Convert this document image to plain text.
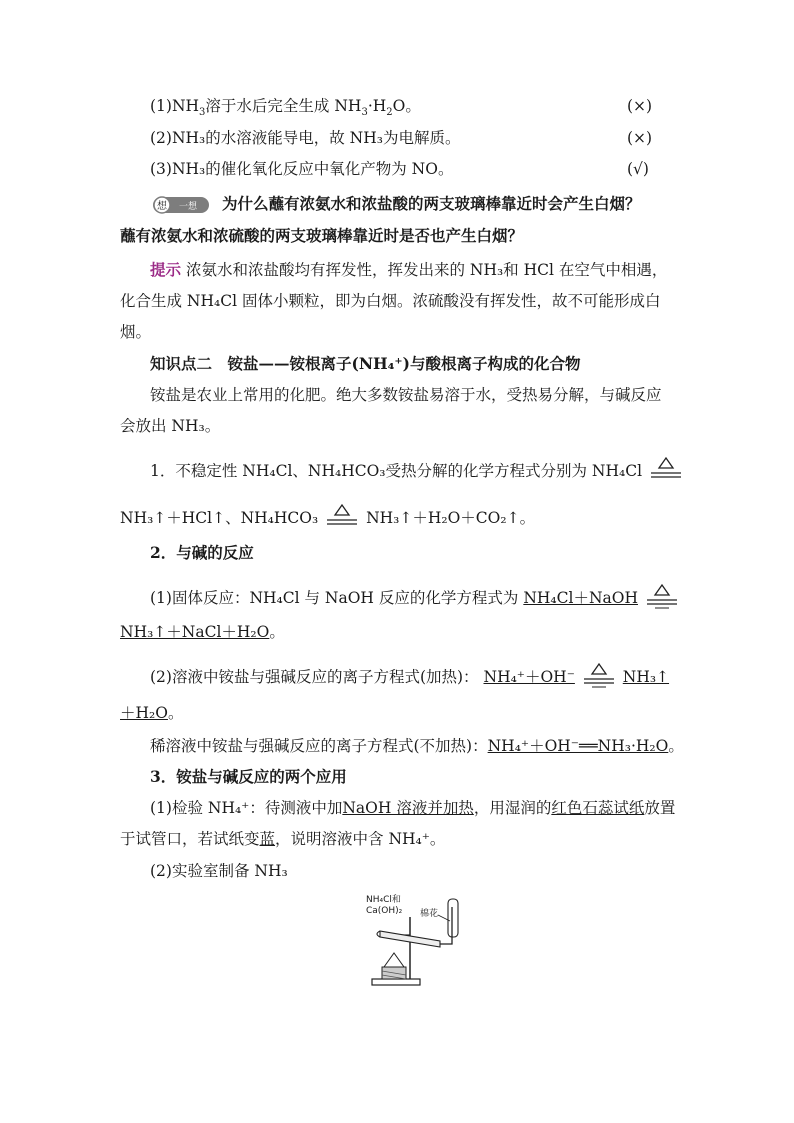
$(1)NH_3$溶于水后完全生成 $NH_3\cdot H_2O$。	(×)
(2)NH₃的水溶液能导电，故 NH₃为电解质。	(×)
(3)NH₃的催化氧化反应中氧化产物为 NO。	(√)
想 一想 为什么蘸有浓氨水和浓盐酸的两支玻璃棒靠近时会产生白烟？
蘸有浓氨水和浓硫酸的两支玻璃棒靠近时是否也产生白烟？
提示 浓氨水和浓盐酸均有挥发性，挥发出来的 NH₃和 HCl 在空气中相遇，
化合生成 NH₄Cl 固体小颗粒，即为白烟。浓硫酸没有挥发性，故不可能形成白
烟。
知识点二　铵盐——铵根离子(NH₄⁺)与酸根离子构成的化合物
铵盐是农业上常用的化肥。绝大多数铵盐易溶于水，受热易分解，与碱反应
会放出 NH₃。
1．不稳定性 NH₄Cl、NH₄HCO₃受热分解的化学方程式分别为 NH₄Cl
NH₃↑＋HCl↑、NH₄HCO₃	NH₃↑＋H₂O＋CO₂↑。
2．与碱的反应
(1)固体反应：NH₄Cl 与 NaOH 反应的化学方程式为 NH₄Cl＋NaOH
NH₃↑＋NaCl＋H₂O。
(2)溶液中铵盐与强碱反应的离子方程式(加热)： NH₄⁺＋OH⁻	NH₃↑
＋H₂O。
稀溶液中铵盐与强碱反应的离子方程式(不加热)：NH₄⁺＋OH⁻══NH₃·H₂O。
3．铵盐与碱反应的两个应用
(1)检验 NH₄⁺：待测液中加NaOH 溶液并加热，用湿润的红色石蕊试纸放置
于试管口，若试纸变蓝，说明溶液中含 NH₄⁺。
(2)实验室制备 NH₃
NH₄Cl和
Ca(OH)₂ 棉花
